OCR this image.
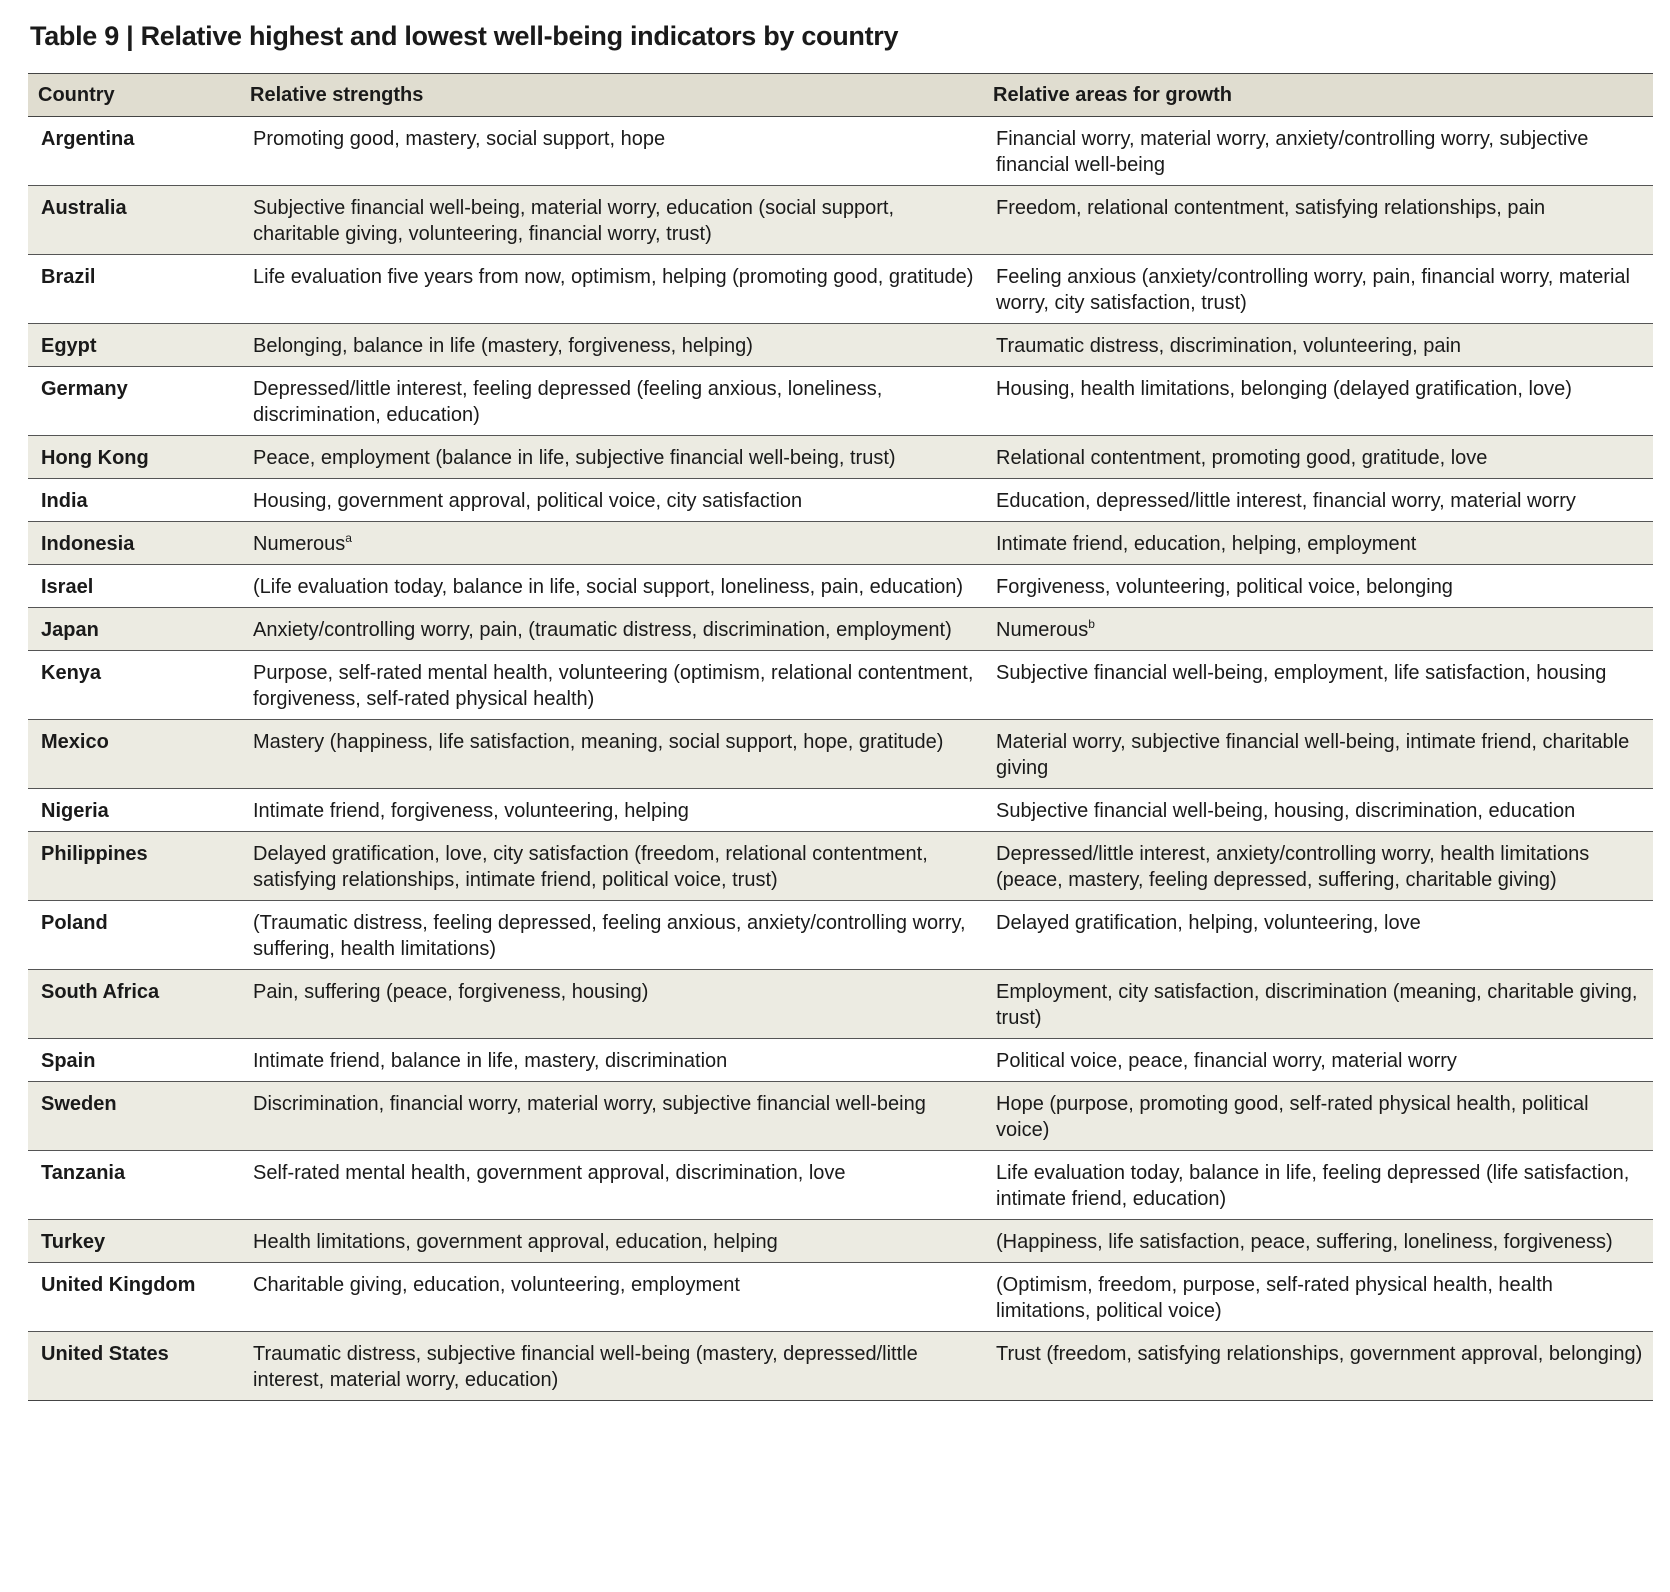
Table 9 | Relative highest and lowest well-being indicators by country
Country	Relative strengths	Relative areas for growth
Argentina	Promoting good, mastery, social support, hope	Financial worry, material worry, anxiety/controlling worry, subjective financial well-being
Australia	Subjective financial well-being, material worry, education (social support, charitable giving, volunteering, financial worry, trust)	Freedom, relational contentment, satisfying relationships, pain
Brazil	Life evaluation five years from now, optimism, helping (promoting good, gratitude)	Feeling anxious (anxiety/controlling worry, pain, financial worry, material worry, city satisfaction, trust)
Egypt	Belonging, balance in life (mastery, forgiveness, helping)	Traumatic distress, discrimination, volunteering, pain
Germany	Depressed/little interest, feeling depressed (feeling anxious, loneliness, discrimination, education)	Housing, health limitations, belonging (delayed gratification, love)
Hong Kong	Peace, employment (balance in life, subjective financial well-being, trust)	Relational contentment, promoting good, gratitude, love
India	Housing, government approval, political voice, city satisfaction	Education, depressed/little interest, financial worry, material worry
Indonesia	Numerous$^a$	Intimate friend, education, helping, employment
Israel	(Life evaluation today, balance in life, social support, loneliness, pain, education)	Forgiveness, volunteering, political voice, belonging
Japan	Anxiety/controlling worry, pain, (traumatic distress, discrimination, employment)	Numerous$^b$
Kenya	Purpose, self-rated mental health, volunteering (optimism, relational contentment, forgiveness, self-rated physical health)	Subjective financial well-being, employment, life satisfaction, housing
Mexico	Mastery (happiness, life satisfaction, meaning, social support, hope, gratitude)	Material worry, subjective financial well-being, intimate friend, charitable giving
Nigeria	Intimate friend, forgiveness, volunteering, helping	Subjective financial well-being, housing, discrimination, education
Philippines	Delayed gratification, love, city satisfaction (freedom, relational contentment, satisfying relationships, intimate friend, political voice, trust)	Depressed/little interest, anxiety/controlling worry, health limitations (peace, mastery, feeling depressed, suffering, charitable giving)
Poland	(Traumatic distress, feeling depressed, feeling anxious, anxiety/controlling worry, suffering, health limitations)	Delayed gratification, helping, volunteering, love
South Africa	Pain, suffering (peace, forgiveness, housing)	Employment, city satisfaction, discrimination (meaning, charitable giving, trust)
Spain	Intimate friend, balance in life, mastery, discrimination	Political voice, peace, financial worry, material worry
Sweden	Discrimination, financial worry, material worry, subjective financial well-being	Hope (purpose, promoting good, self-rated physical health, political voice)
Tanzania	Self-rated mental health, government approval, discrimination, love	Life evaluation today, balance in life, feeling depressed (life satisfaction, intimate friend, education)
Turkey	Health limitations, government approval, education, helping	(Happiness, life satisfaction, peace, suffering, loneliness, forgiveness)
United Kingdom	Charitable giving, education, volunteering, employment	(Optimism, freedom, purpose, self-rated physical health, health limitations, political voice)
United States	Traumatic distress, subjective financial well-being (mastery, depressed/little interest, material worry, education)	Trust (freedom, satisfying relationships, government approval, belonging)
